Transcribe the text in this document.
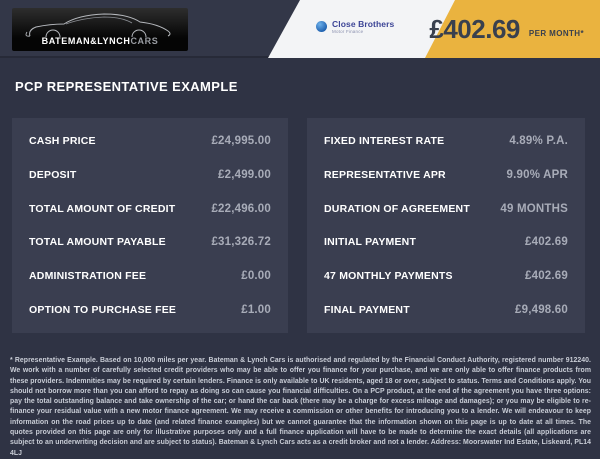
BATEMAN&LYNCHCARS
Close Brothers
Motor Finance	£402.69 PER MONTH*
PCP REPRESENTATIVE EXAMPLE
CASH PRICE	£24,995.00
DEPOSIT	£2,499.00
TOTAL AMOUNT OF CREDIT	£22,496.00
TOTAL AMOUNT PAYABLE	£31,326.72
ADMINISTRATION FEE	£0.00
OPTION TO PURCHASE FEE	£1.00
FIXED INTEREST RATE	4.89% P.A.
REPRESENTATIVE APR	9.90% APR
DURATION OF AGREEMENT	49 MONTHS
INITIAL PAYMENT	£402.69
47 MONTHLY PAYMENTS	£402.69
FINAL PAYMENT	£9,498.60
* Representative Example. Based on 10,000 miles per year. Bateman & Lynch Cars is authorised and regulated by the Financial Conduct Authority, registered number 912240. We work with a number of carefully selected credit providers who may be able to offer you finance for your purchase, and we are only able to offer finance products from these providers. Indemnities may be required by certain lenders. Finance is only available to UK residents, aged 18 or over, subject to status. Terms and Conditions apply. You should not borrow more than you can afford to repay as doing so can cause you financial difficulties. On a PCP product, at the end of the agreement you have three options: pay the total outstanding balance and take ownership of the car; or hand the car back (there may be a charge for excess mileage and damages); or you may be eligible to re-finance your residual value with a new motor finance agreement. We may receive a commission or other benefits for introducing you to a lender. We will endeavour to keep information on the road prices up to date (and related finance examples) but we cannot guarantee that the information shown on this page is up to date at all times. The quotes provided on this page are only for illustrative purposes only and a full finance application will have to be made to determine the exact details (all applications are subject to an underwriting decision and are subject to status). Bateman & Lynch Cars acts as a credit broker and not a lender. Address: Moorswater Ind Estate, Liskeard, PL14 4LJ
